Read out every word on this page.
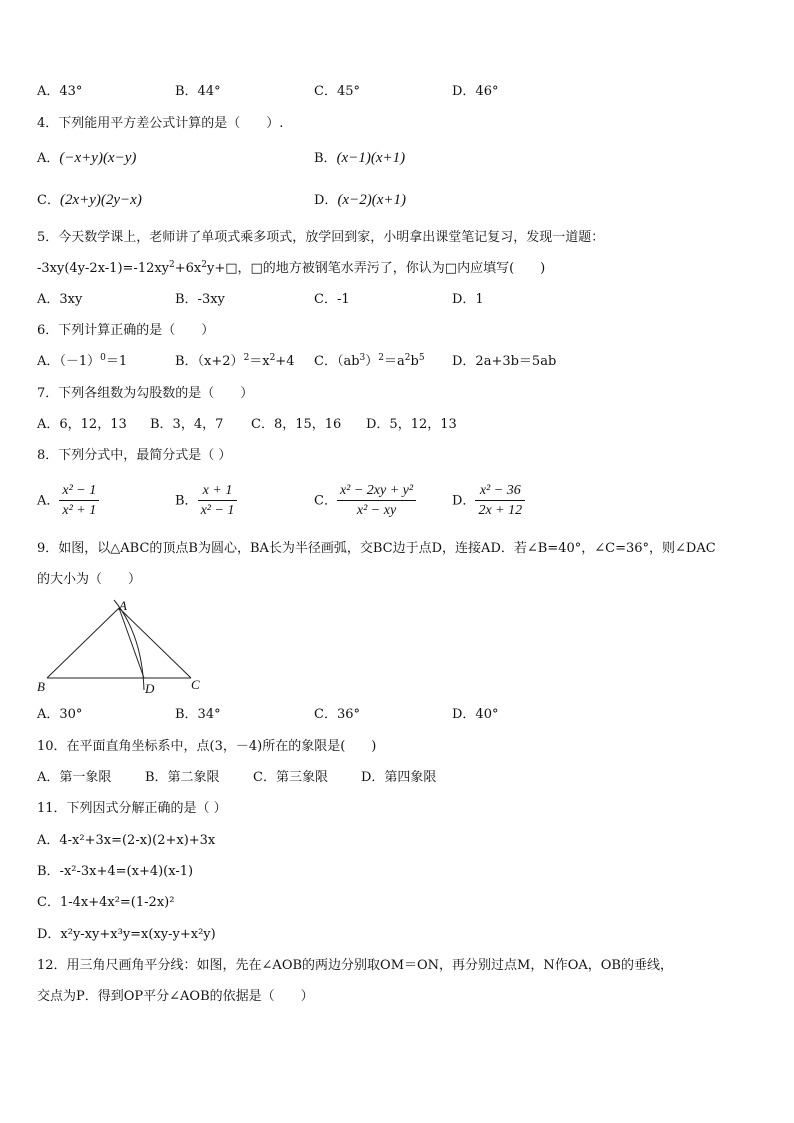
A．43°	B．44°	C．45°	D．46°
4．下列能用平方差公式计算的是（　　）.
A．(−x+y)(x−y)	B．(x−1)(x+1)
C．(2x+y)(2y−x)	D．(x−2)(x+1)
5．今天数学课上，老师讲了单项式乘多项式，放学回到家，小明拿出课堂笔记复习，发现一道题：
$-3xy(4y-2x-1)=-12xy^2+6x^2y+□$，□的地方被钢笔水弄污了，你认为□内应填写(　　)
A．3xy	B．-3xy	C．-1	D．1
6．下列计算正确的是（　　）
A．$(-1)^0=1$	B．$(x+2)^2=x^2+4$ C．$(ab^3)^2=a^2b^5$ D．2a+3b＝5ab
7．下列各组数为勾股数的是（　　）
A．6，12，13 B．3，4，7 C．8，15，16 D．5，12，13
8．下列分式中，最简分式是（ ）
A． $\frac{\text{x² − 1}}{\text{x² + 1}}$	B． $\frac{x + 1}{\text{x² − 1}}$	C． $\frac{\text{x² − 2xy + y²}}{\text{x² − xy}}$	D． $\frac{\text{x² − 36}}{2x + 12}$
9．如图，以△ABC的顶点B为圆心，BA长为半径画弧，交BC边于点D，连接AD．若∠B=40°，∠C=36°，则∠DAC
的大小为（　　）
A
B	D	C
A．30°	B．34°	C．36°	D．40°
10．在平面直角坐标系中，点(3，－4)所在的象限是(　　)
A．第一象限	B．第二象限	C．第三象限	D．第四象限
11．下列因式分解正确的是（ ）
A．4-x²+3x=(2-x)(2+x)+3x
B．-x²-3x+4=(x+4)(x-1)
C．1-4x+4x²=(1-2x)²
D．x²y-xy+x³y=x(xy-y+x²y)
12．用三角尺画角平分线：如图，先在∠AOB的两边分别取OM＝ON，再分别过点M，N作OA，OB的垂线，
交点为P．得到OP平分∠AOB的依据是（　　）
